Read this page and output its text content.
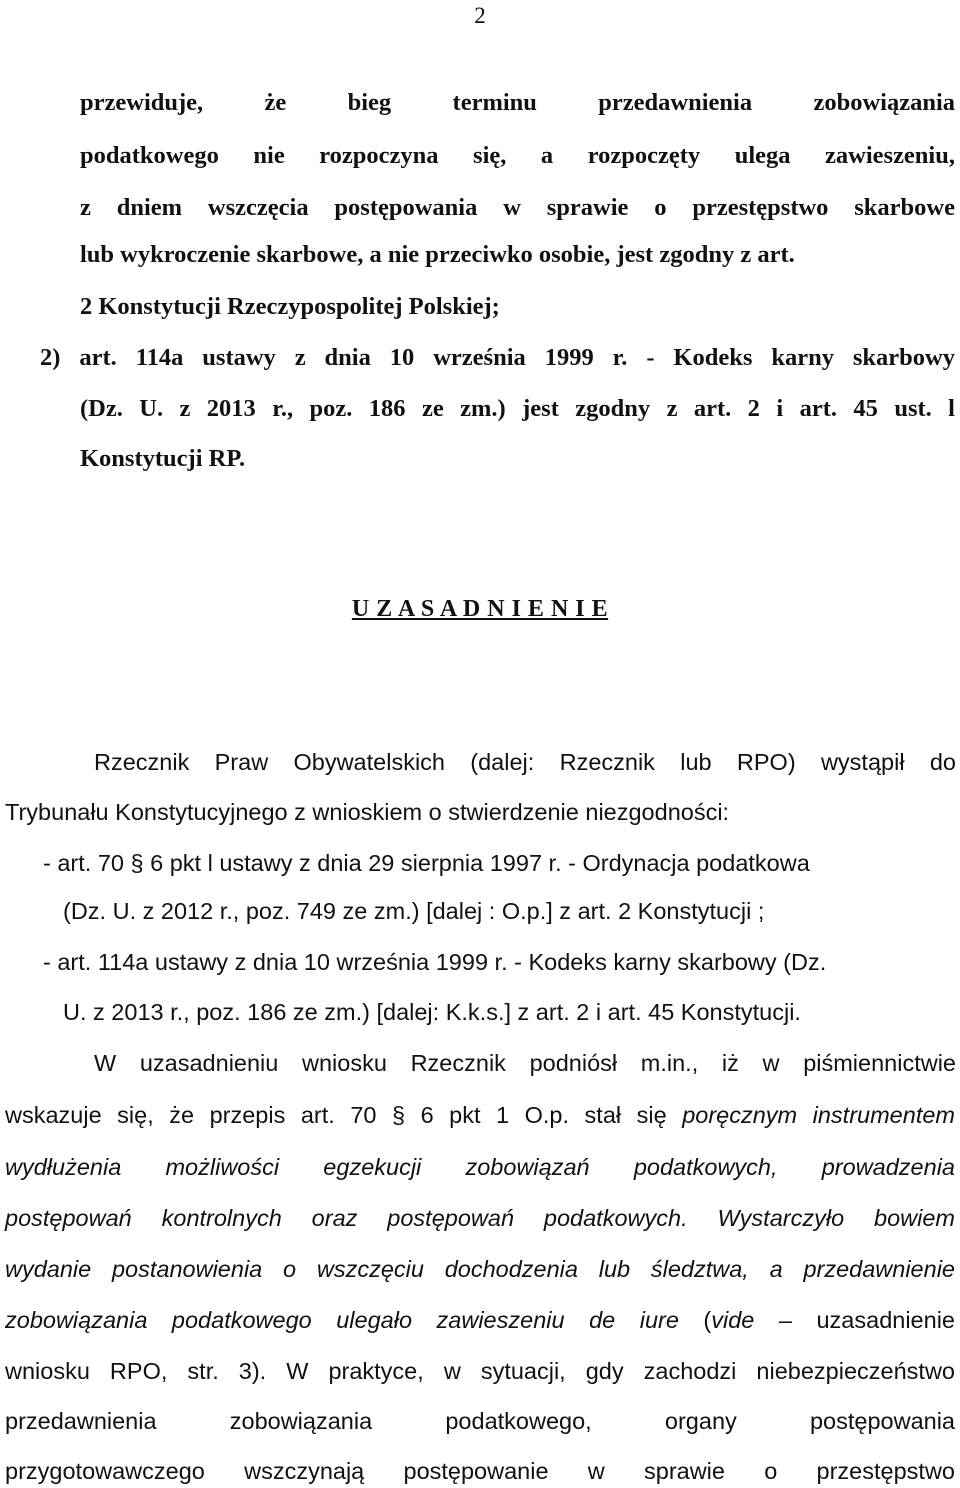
2
przewiduje, że bieg terminu przedawnienia zobowiązania
podatkowego nie rozpoczyna się, a rozpoczęty ulega zawieszeniu,
z dniem wszczęcia postępowania w sprawie o przestępstwo skarbowe
lub wykroczenie skarbowe, a nie przeciwko osobie, jest zgodny z art.
2 Konstytucji Rzeczypospolitej Polskiej;
2) art. 114a ustawy z dnia 10 września 1999 r. - Kodeks karny skarbowy
(Dz. U. z 2013 r., poz. 186 ze zm.) jest zgodny z art. 2 i art. 45 ust. l
Konstytucji RP.
U Z A S A D N I E N I E
Rzecznik Praw Obywatelskich (dalej: Rzecznik lub RPO) wystąpił do
Trybunału Konstytucyjnego z wnioskiem o stwierdzenie niezgodności:
- art. 70 § 6 pkt l ustawy z dnia 29 sierpnia 1997 r. - Ordynacja podatkowa
(Dz. U. z 2012 r., poz. 749 ze zm.) [dalej : O.p.] z art. 2 Konstytucji ;
- art. 114a ustawy z dnia 10 września 1999 r. - Kodeks karny skarbowy (Dz.
U. z 2013 r., poz. 186 ze zm.) [dalej: K.k.s.] z art. 2 i art. 45 Konstytucji.
W uzasadnieniu wniosku Rzecznik podniósł m.in., iż w piśmiennictwie
wskazuje się, że przepis art. 70 § 6 pkt 1 O.p. stał się poręcznym instrumentem
wydłużenia możliwości egzekucji zobowiązań podatkowych, prowadzenia
postępowań kontrolnych oraz postępowań podatkowych. Wystarczyło bowiem
wydanie postanowienia o wszczęciu dochodzenia lub śledztwa, a przedawnienie
zobowiązania podatkowego ulegało zawieszeniu de iure (vide – uzasadnienie
wniosku RPO, str. 3). W praktyce, w sytuacji, gdy zachodzi niebezpieczeństwo
przedawnienia zobowiązania podatkowego, organy postępowania
przygotowawczego wszczynają postępowanie w sprawie o przestępstwo
